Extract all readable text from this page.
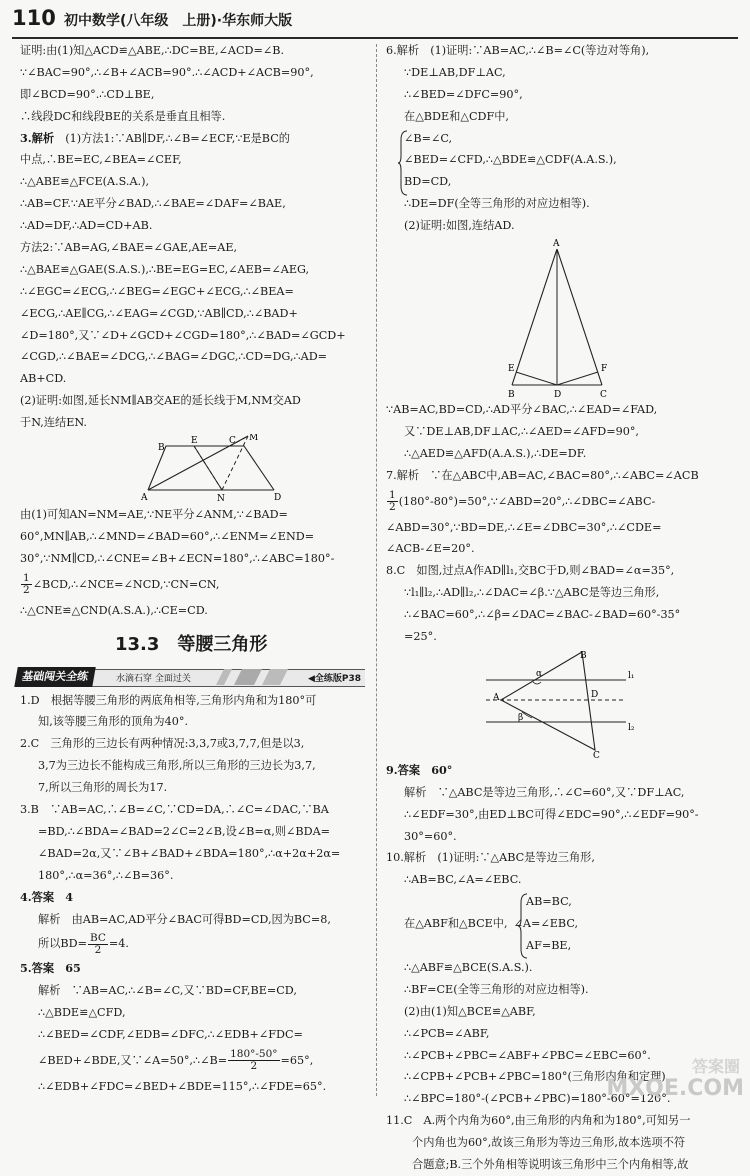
110 初中数学(八年级　上册)·华东师大版
证明:由(1)知△ACD≌△ABE,∴DC=BE,∠ACD=∠B.
∵∠BAC=90°,∴∠B+∠ACB=90°.∴∠ACD+∠ACB=90°,
即∠BCD=90°.∴CD⊥BE,
∴线段DC和线段BE的关系是垂直且相等.
3.解析　 (1)方法1:∵AB∥DF,∴∠B=∠ECF,∵E是BC的
中点,∴BE=EC,∠BEA=∠CEF,
∴△ABE≌△FCE(A.S.A.),
∴AB=CF.∵AE平分∠BAD,∴∠BAE=∠DAF=∠BAE,
∴AD=DF,∴AD=CD+AB.
方法2:∵AB=AG,∠BAE=∠GAE,AE=AE,
∴△BAE≌△GAE(S.A.S.),∴BE=EG=EC,∠AEB=∠AEG,
∴∠EGC=∠ECG,∴∠BEG=∠EGC+∠ECG,∴∠BEA=
∠ECG,∴AE∥CG,∴∠EAG=∠CGD,∵AB∥CD,∴∠BAD+
∠D=180°,又∵∠D+∠GCD+∠CGD=180°,∴∠BAD=∠GCD+
∠CGD,∴∠BAE=∠DCG,∴∠BAG=∠DGC,∴CD=DG,∴AD=
AB+CD.
(2)证明:如图,延长NM∥AB交AE的延长线于M,NM交AD
于N,连结EN.
B
E	C M
A	N	D
由(1)可知AN=NM=AE,∵NE平分∠ANM,∵∠BAD=
60°,MN∥AB,∴∠MND=∠BAD=60°,∴∠ENM=∠END=
30°,∵NM∥CD,∴∠CNE=∠B+∠ECN=180°,∴∠ABC=180°-
$\frac{1}{2}$ ∠BCD,∴∠NCE=∠NCD,∵CN=CN,
∴△CNE≌△CND(A.S.A.),∴CE=CD.
13.3　等腰三角形
基础闯关全练	水滴石穿 全面过关	◀全练版P38
1.D　根据等腰三角形的两底角相等,三角形内角和为180°可
知,该等腰三角形的顶角为40°.
2.C　三角形的三边长有两种情况:3,3,7或3,7,7,但是以3,
3,7为三边长不能构成三角形,所以三角形的三边长为3,7,
7,所以三角形的周长为17.
3.B　∵AB=AC,∴∠B=∠C,∵CD=DA,∴∠C=∠DAC,∵BA
=BD,∴∠BDA=∠BAD=2∠C=2∠B,设∠B=α,则∠BDA=
∠BAD=2α,又∵∠B+∠BAD+∠BDA=180°,∴α+2α+2α=
180°,∴α=36°,∴∠B=36°.
4.答案　4
解析　由AB=AC,AD平分∠BAC可得BD=CD,因为BC=8,
所以$BD= \frac{BC}{2} =4$.
5.答案　65
解析　∵AB=AC,∴∠B=∠C,又∵BD=CF,BE=CD,
∴△BDE≌△CFD,
∴∠BED=∠CDF,∠EDB=∠DFC,∴∠EDB+∠FDC=
∠BED+∠BDE,又∵∠A=50°,∴∠B= $\frac{180^\circ-50^\circ}{2} =65^\circ$,
∴∠EDB+∠FDC=∠BED+∠BDE=115°,∴∠FDE=65°.
6.解析　(1)证明:∵AB=AC,∴∠B=∠C(等边对等角),
∵DE⊥AB,DF⊥AC,
∴∠BED=∠DFC=90°,
在△BDE和△CDF中,
∠B=∠C,
∠BED=∠CFD,∴△BDE≌△CDF(A.A.S.),
BD=CD,
∴DE=DF(全等三角形的对应边相等).
(2)证明:如图,连结AD.
A
E	F
B	D	C
∵AB=AC,BD=CD,∴AD平分∠BAC,∴∠EAD=∠FAD,
又∵DE⊥AB,DF⊥AC,∴∠AED=∠AFD=90°,
∴△AED≌△AFD(A.A.S.),∴DE=DF.
7.解析　∵在△ABC中,AB=AC,∠BAC=80°,∴∠ABC=∠ACB
$\frac{1}{2}$ (180°-80°)=50°,∵∠ABD=20°,∴∠DBC=∠ABC-
∠ABD=30°,∵BD=DE,∴∠E=∠DBC=30°,∴∠CDE=
∠ACB-∠E=20°.
8.C　如图,过点A作AD∥l₁,交BC于D,则∠BAD=∠α=35°,
∵l₁∥l₂,∴AD∥l₂,∴∠DAC=∠β.∵△ABC是等边三角形,
∴∠BAC=60°,∴∠β=∠DAC=∠BAC-∠BAD=60°-35°
=25°.
B
A
C
D
α
β
l₁
l₂
9.答案　60°
解析　∵△ABC是等边三角形,∴∠C=60°,又∵DF⊥AC,
∴∠EDF=30°,由ED⊥BC可得∠EDC=90°,∴∠EDF=90°-
30°=60°.
10.解析　(1)证明:∵△ABC是等边三角形,
∴AB=BC,∠A=∠EBC.
AB=BC,
在△ABF和△BCE中, ∠A=∠EBC,
AF=BE,
∴△ABF≌△BCE(S.A.S.).
∴BF=CE(全等三角形的对应边相等).
(2)由(1)知△BCE≌△ABF,
∴∠PCB=∠ABF,
∴∠PCB+∠PBC=∠ABF+∠PBC=∠EBC=60°.
∴∠CPB+∠PCB+∠PBC=180°(三角形内角和定理),
∴∠BPC=180°-(∠PCB+∠PBC)=180°-60°=120°.
11.C　A.两个内角为60°,由三角形的内角和为180°,可知另一
个内角也为60°,故该三角形为等边三角形,故本选项不符
合题意;B.三个外角相等说明该三角形中三个内角相等,故
答案圈
MXQE.COM
